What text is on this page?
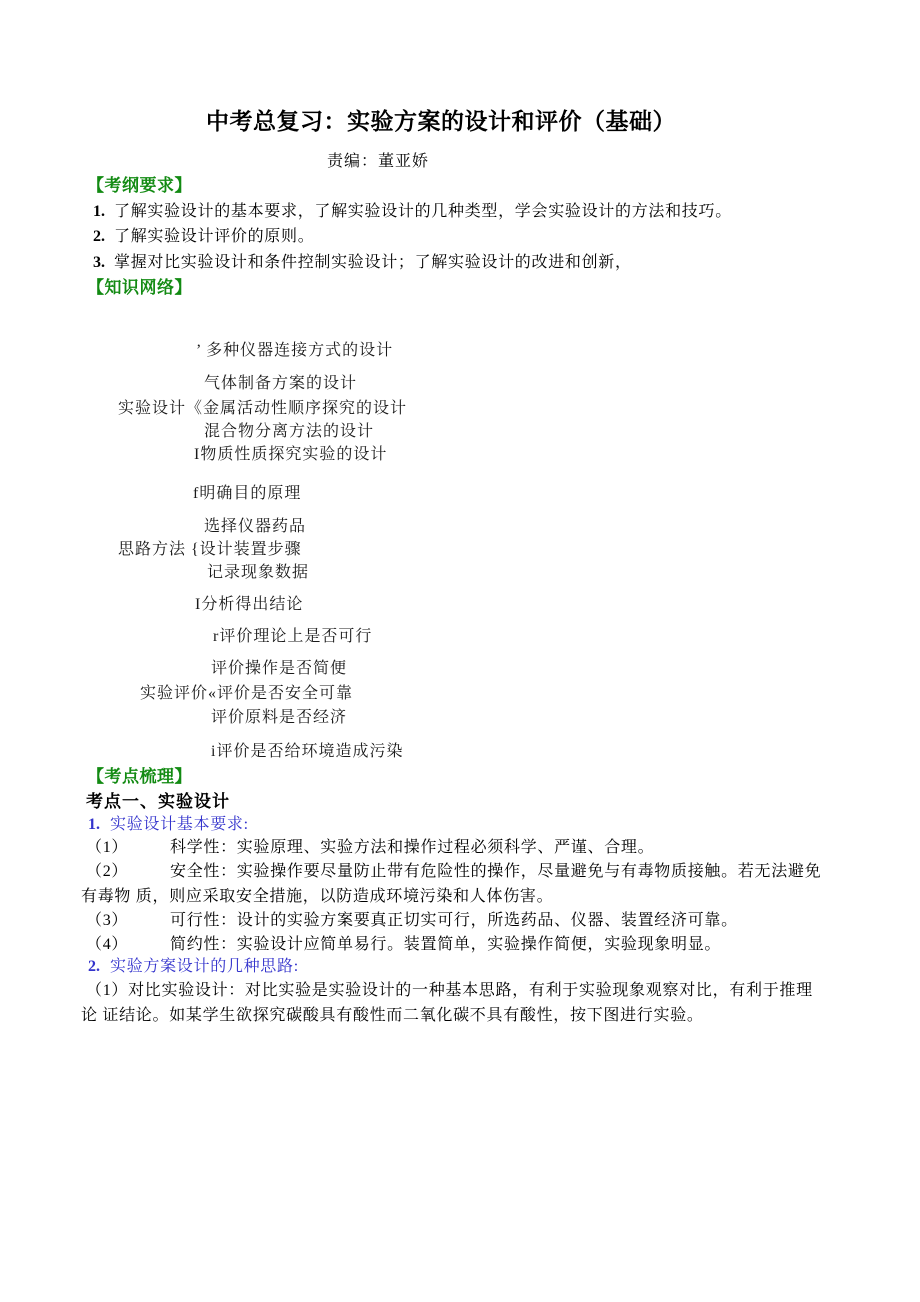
中考总复习：实验方案的设计和评价（基础）
责编：董亚娇
【考纲要求】
1. 了解实验设计的基本要求，了解实验设计的几种类型，学会实验设计的方法和技巧。
2. 了解实验设计评价的原则。
3. 掌握对比实验设计和条件控制实验设计；了解实验设计的改进和创新，
【知识网络】
’ 多种仪器连接方式的设计
气体制备方案的设计
实验设计《金属活动性顺序探究的设计
混合物分离方法的设计
I物质性质探究实验的设计
f明确目的原理
选择仪器药品
思路方法 {设计装置步骤
记录现象数据
I分析得出结论
r评价理论上是否可行
评价操作是否简便
实验评价«评价是否安全可靠
评价原料是否经济
i评价是否给环境造成污染
【考点梳理】
考点一、实验设计
1. 实验设计基本要求:
（1）	科学性：实验原理、实验方法和操作过程必须科学、严谨、合理。
（2）	安全性：实验操作要尽量防止带有危险性的操作，尽量避免与有毒物质接触。若无法避免
有毒物 质，则应采取安全措施，以防造成环境污染和人体伤害。
（3）	可行性：设计的实验方案要真正切实可行，所选药品、仪器、装置经济可靠。
（4）	简约性：实验设计应简单易行。装置简单，实验操作简便，实验现象明显。
2. 实验方案设计的几种思路:
（1）对比实验设计：对比实验是实验设计的一种基本思路，有利于实验现象观察对比，有利于推理
论 证结论。如某学生欲探究碳酸具有酸性而二氧化碳不具有酸性，按下图进行实验。
